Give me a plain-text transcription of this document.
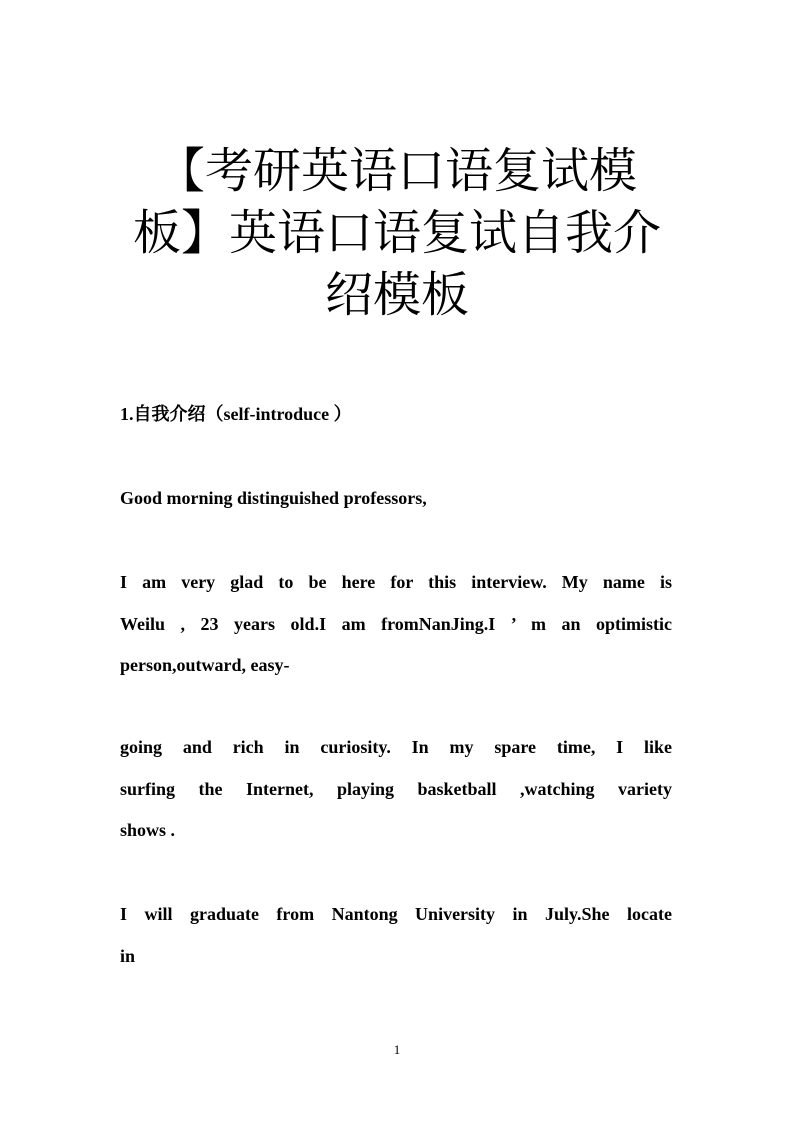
【考研英语口语复试模
板】英语口语复试自我介
绍模板
1.自我介绍（self-introduce ）
Good morning distinguished professors,
I am very glad to be here for this interview. My name is
Weilu , 23 years old.I am fromNanJing.I ’ m an optimistic
person,outward, easy-
going and rich in curiosity. In my spare time, I like
surfing the Internet, playing basketball ,watching variety
shows .
I will graduate from Nantong University in July.She locate
in
1
